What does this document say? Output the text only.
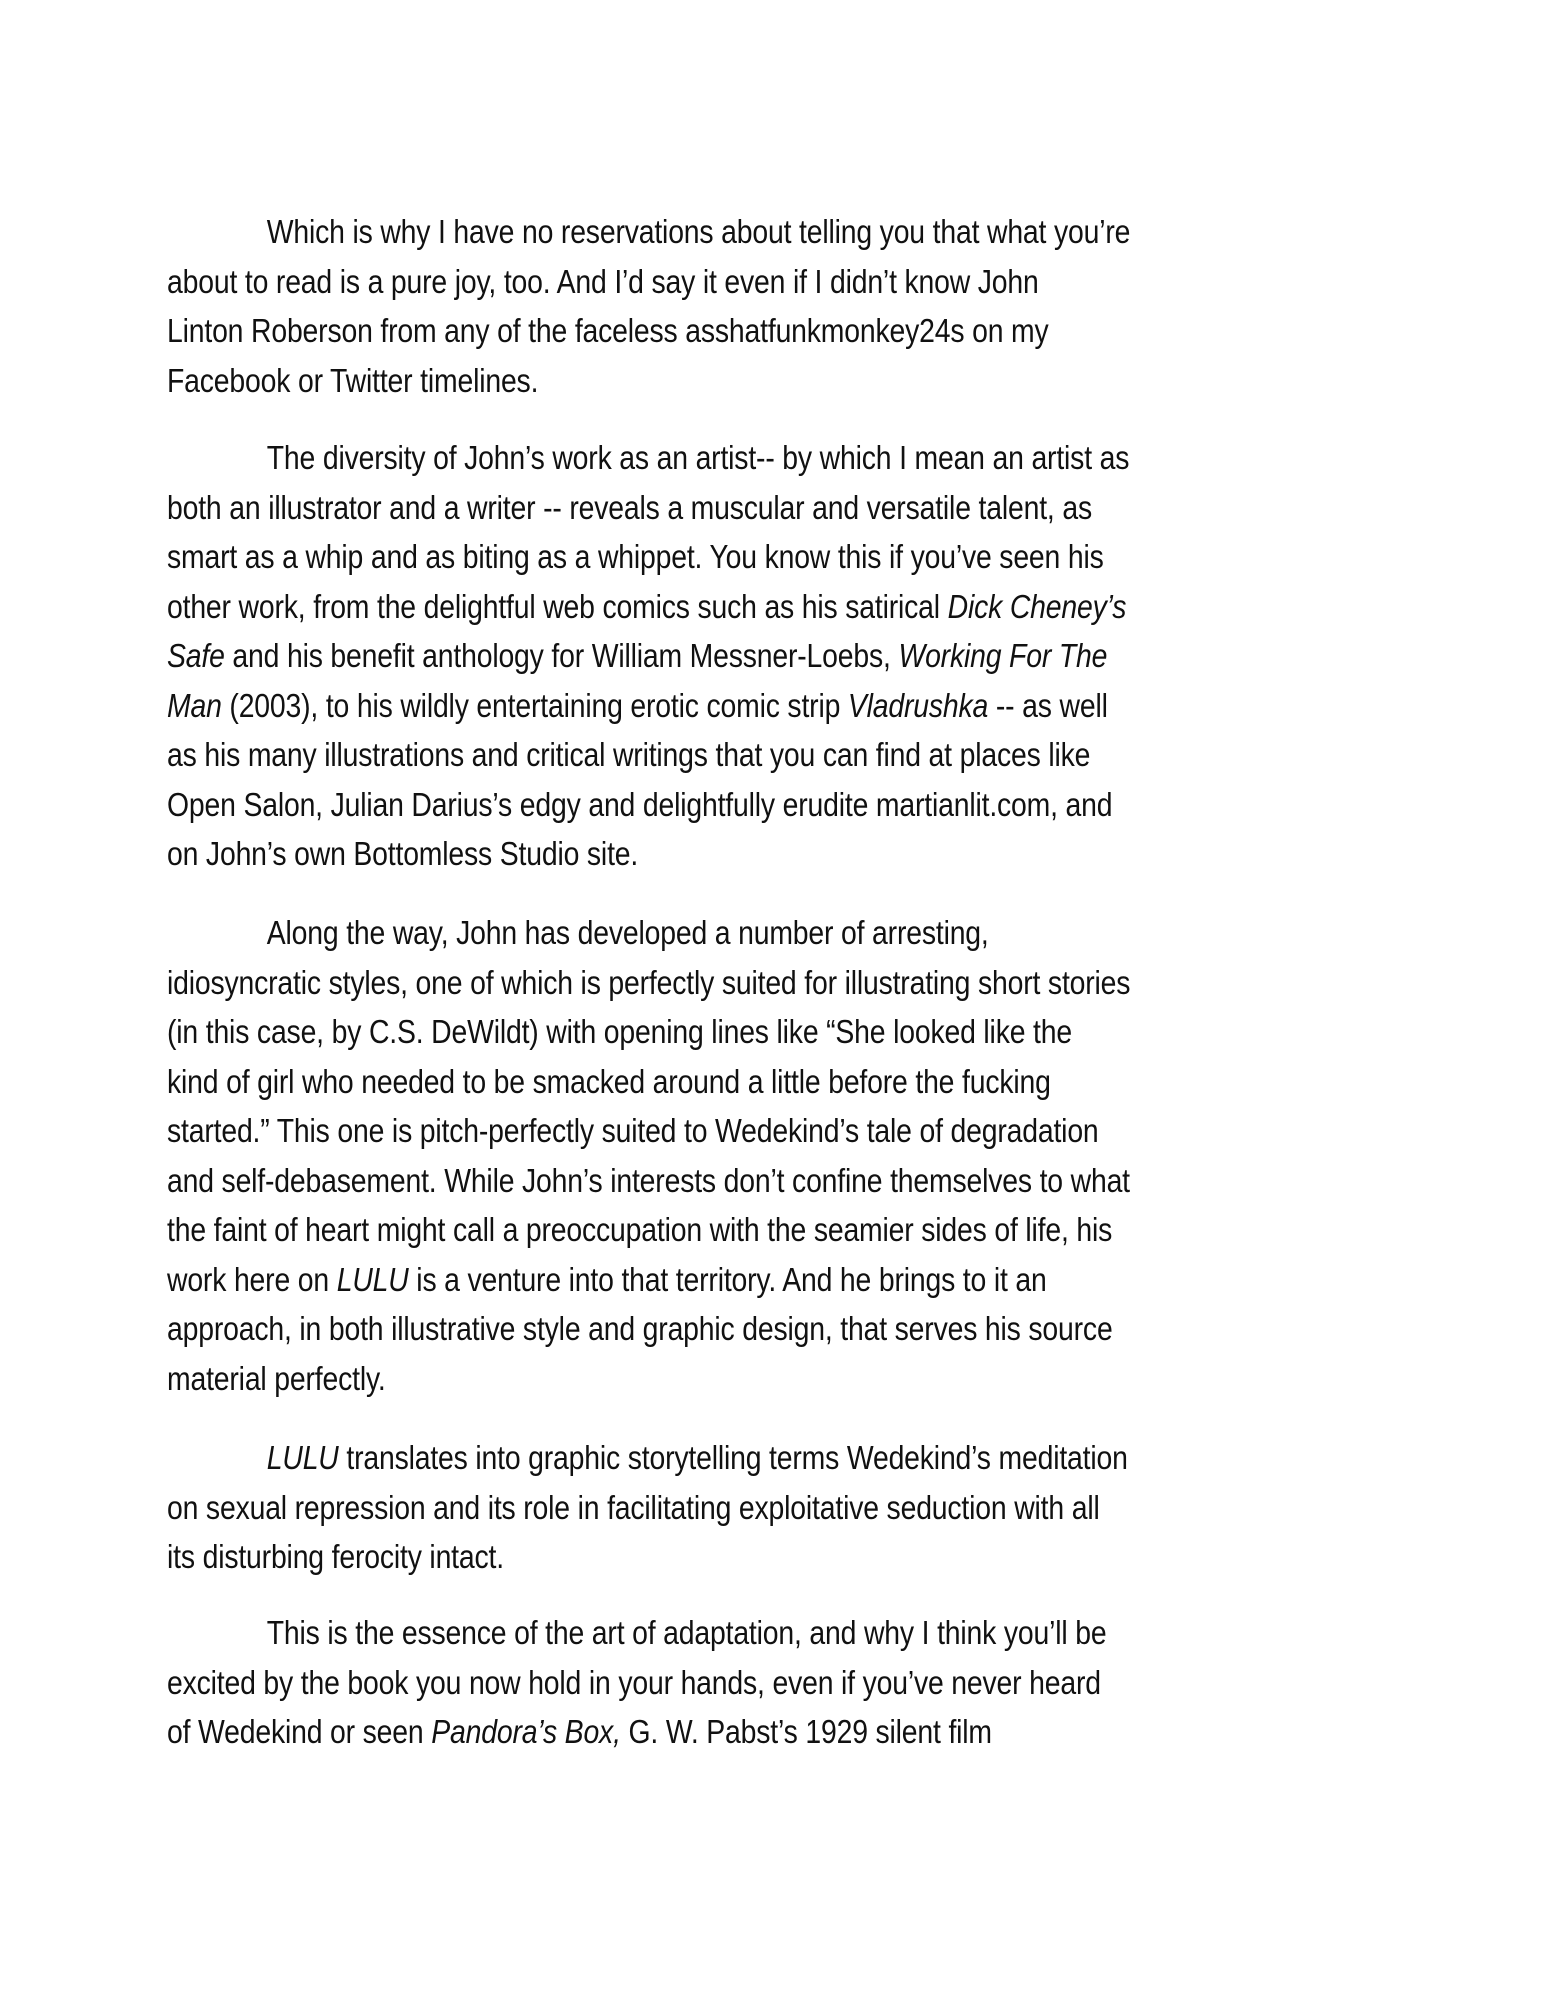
Which is why I have no reservations about telling you that what you’re
about to read is a pure joy, too. And I’d say it even if I didn’t know John
Linton Roberson from any of the faceless asshatfunkmonkey24s on my
Facebook or Twitter timelines.
The diversity of John’s work as an artist-- by which I mean an artist as
both an illustrator and a writer -- reveals a muscular and versatile talent, as
smart as a whip and as biting as a whippet. You know this if you’ve seen his
other work, from the delightful web comics such as his satirical Dick Cheney’s
Safe and his benefit anthology for William Messner-Loebs, Working For The
Man (2003), to his wildly entertaining erotic comic strip Vladrushka -- as well
as his many illustrations and critical writings that you can find at places like
Open Salon, Julian Darius’s edgy and delightfully erudite martianlit.com, and
on John’s own Bottomless Studio site.
Along the way, John has developed a number of arresting,
idiosyncratic styles, one of which is perfectly suited for illustrating short stories
(in this case, by C.S. DeWildt) with opening lines like “She looked like the
kind of girl who needed to be smacked around a little before the fucking
started.” This one is pitch-perfectly suited to Wedekind’s tale of degradation
and self-debasement. While John’s interests don’t confine themselves to what
the faint of heart might call a preoccupation with the seamier sides of life, his
work here on LULU is a venture into that territory. And he brings to it an
approach, in both illustrative style and graphic design, that serves his source
material perfectly.
LULU translates into graphic storytelling terms Wedekind’s meditation
on sexual repression and its role in facilitating exploitative seduction with all
its disturbing ferocity intact.
This is the essence of the art of adaptation, and why I think you’ll be
excited by the book you now hold in your hands, even if you’ve never heard
of Wedekind or seen Pandora’s Box, G. W. Pabst’s 1929 silent film
